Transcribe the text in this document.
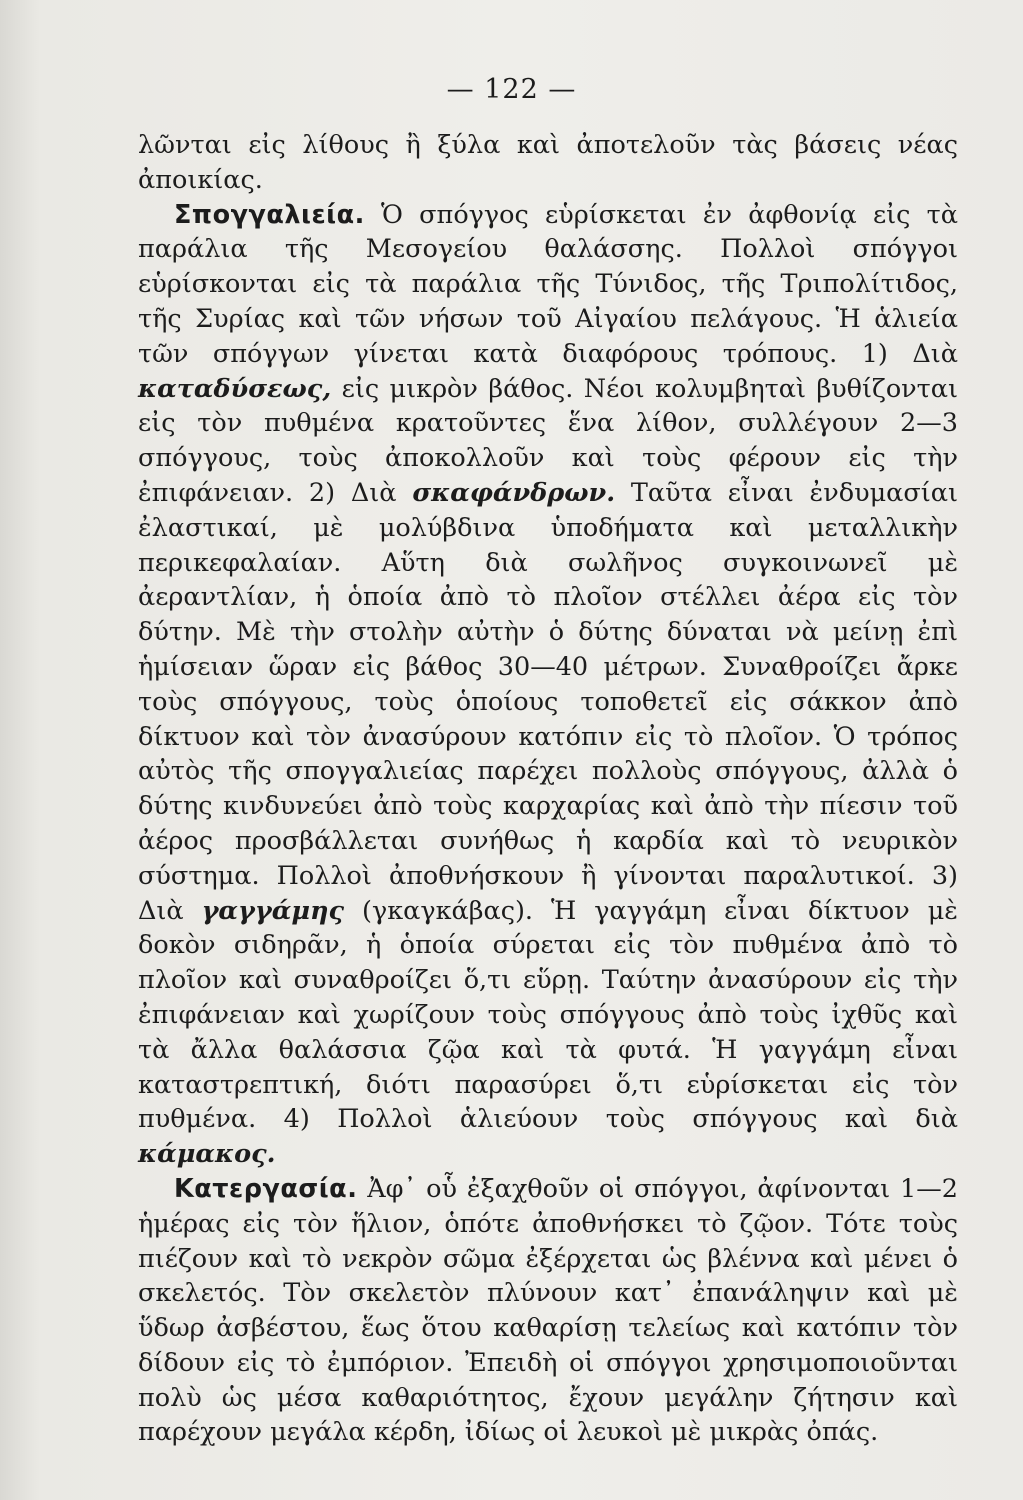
— 122 —

λῶνται εἰς λίθους ἢ ξύλα καὶ ἀποτελοῦν τὰς βάσεις νέας ἀποικίας.

Σπογγαλιεία. Ὁ σπόγγος εὑρίσκεται ἐν ἀφθονίᾳ εἰς τὰ παράλια τῆς Μεσογείου θαλάσσης. Πολλοὶ σπόγγοι εὑρίσκονται εἰς τὰ παράλια τῆς Τύνιδος, τῆς Τριπολίτιδος, τῆς Συρίας καὶ τῶν νήσων τοῦ Αἰγαίου πελάγους. Ἡ ἁλιεία τῶν σπόγγων γίνεται κατὰ διαφόρους τρόπους. 1) Διὰ καταδύσεως, εἰς μικρὸν βάθος. Νέοι κολυμβηταὶ βυθίζονται εἰς τὸν πυθμένα κρατοῦντες ἕνα λίθον, συλλέγουν 2—3 σπόγγους, τοὺς ἀποκολλοῦν καὶ τοὺς φέρουν εἰς τὴν ἐπιφάνειαν. 2) Διὰ σκαφάνδρων. Ταῦτα εἶναι ἐνδυμασίαι ἐλαστικαί, μὲ μολύβδινα ὑποδήματα καὶ μεταλλικὴν περικεφαλαίαν. Αὕτη διὰ σωλῆνος συγκοινωνεῖ μὲ ἀεραντλίαν, ἡ ὁποία ἀπὸ τὸ πλοῖον στέλλει ἀέρα εἰς τὸν δύτην. Μὲ τὴν στολὴν αὐτὴν ὁ δύτης δύναται νὰ μείνῃ ἐπὶ ἡμίσειαν ὥραν εἰς βάθος 30—40 μέτρων. Συναθροίζει ἄρκε τοὺς σπόγγους, τοὺς ὁποίους τοποθετεῖ εἰς σάκκον ἀπὸ δίκτυον καὶ τὸν ἀνασύρουν κατόπιν εἰς τὸ πλοῖον. Ὁ τρόπος αὐτὸς τῆς σπογγαλιείας παρέχει πολλοὺς σπόγγους, ἀλλὰ ὁ δύτης κινδυνεύει ἀπὸ τοὺς καρχαρίας καὶ ἀπὸ τὴν πίεσιν τοῦ ἀέρος προσβάλλεται συνήθως ἡ καρδία καὶ τὸ νευρικὸν σύστημα. Πολλοὶ ἀποθνήσκουν ἢ γίνονται παραλυτικοί. 3) Διὰ γαγγάμης (γκαγκάβας). Ἡ γαγγάμη εἶναι δίκτυον μὲ δοκὸν σιδηρᾶν, ἡ ὁποία σύρεται εἰς τὸν πυθμένα ἀπὸ τὸ πλοῖον καὶ συναθροίζει ὅ,τι εὕρῃ. Ταύτην ἀνασύρουν εἰς τὴν ἐπιφάνειαν καὶ χωρίζουν τοὺς σπόγγους ἀπὸ τοὺς ἰχθῦς καὶ τὰ ἄλλα θαλάσσια ζῷα καὶ τὰ φυτά. Ἡ γαγγάμη εἶναι καταστρεπτική, διότι παρασύρει ὅ,τι εὑρίσκεται εἰς τὸν πυθμένα. 4) Πολλοὶ ἁλιεύουν τοὺς σπόγγους καὶ διὰ κάμακος.

Κατεργασία. Ἀφ᾽ οὗ ἐξαχθοῦν οἱ σπόγγοι, ἀφίνονται 1—2 ἡμέρας εἰς τὸν ἥλιον, ὁπότε ἀποθνήσκει τὸ ζῷον. Τότε τοὺς πιέζουν καὶ τὸ νεκρὸν σῶμα ἐξέρχεται ὡς βλέννα καὶ μένει ὁ σκελετός. Τὸν σκελετὸν πλύνουν κατ᾽ ἐπανάληψιν καὶ μὲ ὕδωρ ἀσβέστου, ἕως ὅτου καθαρίσῃ τελείως καὶ κατόπιν τὸν δίδουν εἰς τὸ ἐμπόριον. Ἐπειδὴ οἱ σπόγγοι χρησιμοποιοῦνται πολὺ ὡς μέσα καθαριότητος, ἔχουν μεγάλην ζήτησιν καὶ παρέχουν μεγάλα κέρδη, ἰδίως οἱ λευκοὶ μὲ μικρὰς ὀπάς.
